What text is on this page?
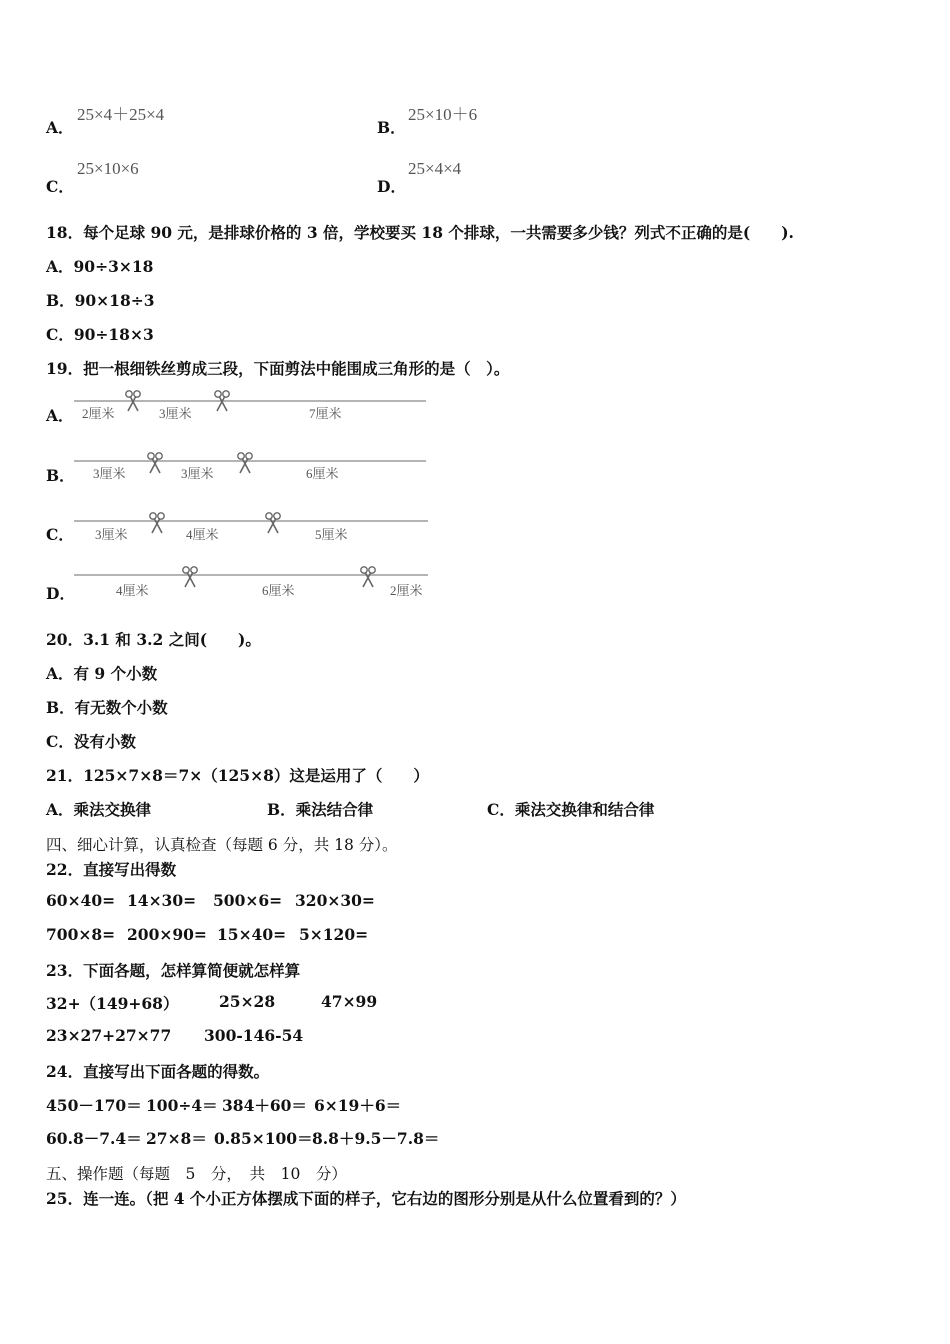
A．
25×4＋25×4
B．
25×10＋6
C．
25×10×6
D．
25×4×4
18．每个足球 90 元，是排球价格的 3 倍，学校要买 18 个排球，一共需要多少钱？列式不正确的是(　　).
A．90÷3×18
B．90×18÷3
C．90÷18×3
19．把一根细铁丝剪成三段，下面剪法中能围成三角形的是（　）。
A．
B．
C．
D．
2厘米	3厘米	7厘米
3厘米	3厘米	6厘米
3厘米	4厘米	5厘米
4厘米	6厘米	2厘米
20．3.1 和 3.2 之间(　　)。
A．有 9 个小数
B．有无数个小数
C．没有小数
21．125×7×8＝7×（125×8）这是运用了（　　）
A．乘法交换律	B．乘法结合律	C．乘法交换律和结合律
四、细心计算，认真检查（每题 6 分，共 18 分）。
22．直接写出得数
60×40= 14×30= 500×6= 320×30=
700×8= 200×90= 15×40= 5×120=
23．下面各题，怎样算简便就怎样算
32+（149+68）	25×28	47×99
23×27+27×77 300-146-54
24．直接写出下面各题的得数。
450－170＝ 100÷4＝ 384＋60＝ 6×19＋6＝
60.8－7.4＝ 27×8＝ 0.85×100＝ 8.8＋9.5－7.8＝
五、操作题（每题　5　分，　共　10　分）
25．连一连。（把 4 个小正方体摆成下面的样子，它右边的图形分别是从什么位置看到的？）
